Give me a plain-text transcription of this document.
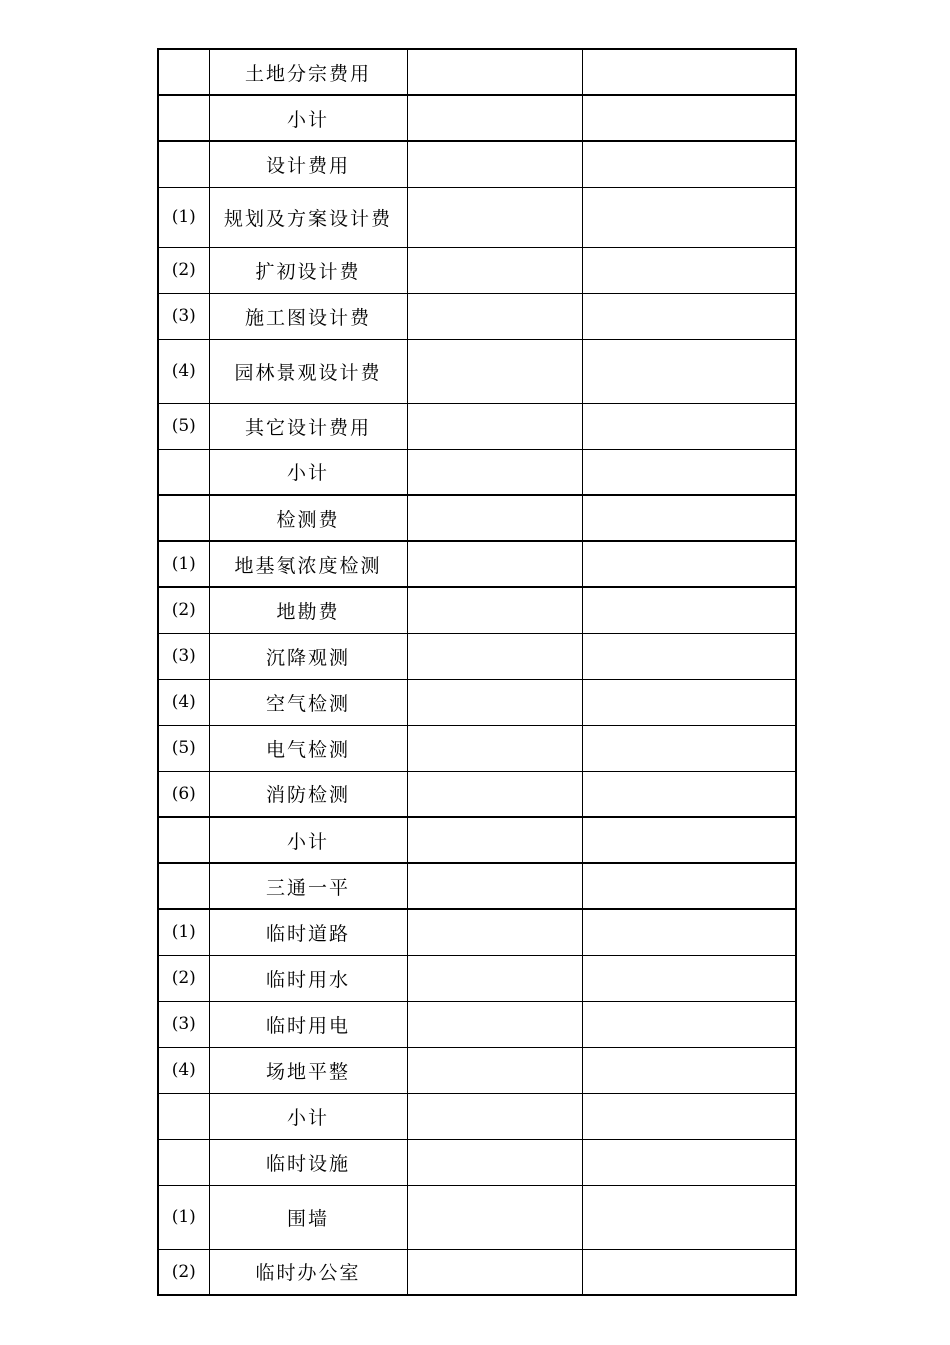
	土地分宗费用		
	小计		
	设计费用		
(1)	规划及方案设计费		
(2)	扩初设计费		
(3)	施工图设计费		
(4)	园林景观设计费		
(5)	其它设计费用		
	小计		
	检测费		
(1)	地基氡浓度检测		
(2)	地勘费		
(3)	沉降观测		
(4)	空气检测		
(5)	电气检测		
(6)	消防检测		
	小计		
	三通一平		
(1)	临时道路		
(2)	临时用水		
(3)	临时用电		
(4)	场地平整		
	小计		
	临时设施		
(1)	围墙		
(2)	临时办公室		
